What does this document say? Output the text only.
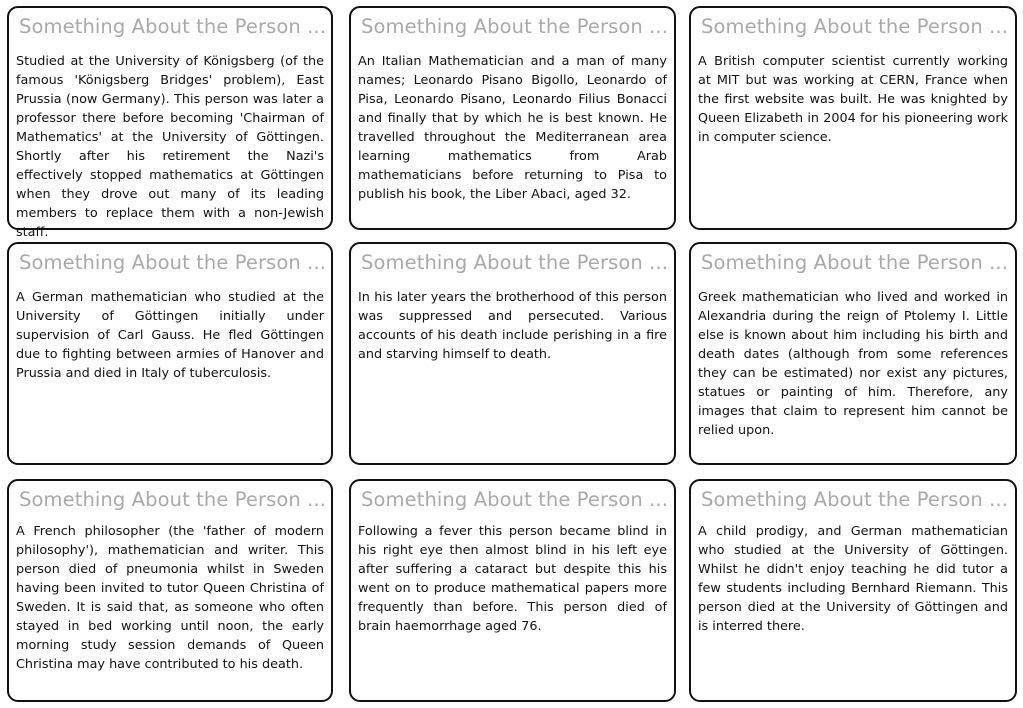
Something About the Person ...
Studied at the University of Königsberg (of the famous 'Königsberg Bridges' problem), East Prussia (now Germany). This person was later a professor there before becoming 'Chairman of Mathematics' at the University of Göttingen. Shortly after his retirement the Nazi's effectively stopped mathematics at Göttingen when they drove out many of its leading members to replace them with a non-Jewish staff.
Something About the Person ...
An Italian Mathematician and a man of many names; Leonardo Pisano Bigollo, Leonardo of Pisa, Leonardo Pisano, Leonardo Filius Bonacci and finally that by which he is best known. He travelled throughout the Mediterranean area learning mathematics from Arab mathematicians before returning to Pisa to publish his book, the Liber Abaci, aged 32.
Something About the Person ...
A British computer scientist currently working at MIT but was working at CERN, France when the first website was built. He was knighted by Queen Elizabeth in 2004 for his pioneering work in computer science.
Something About the Person ...
A German mathematician who studied at the University of Göttingen initially under supervision of Carl Gauss. He fled Göttingen due to fighting between armies of Hanover and Prussia and died in Italy of tuberculosis.
Something About the Person ...
In his later years the brotherhood of this person was suppressed and persecuted. Various accounts of his death include perishing in a fire and starving himself to death.
Something About the Person ...
Greek mathematician who lived and worked in Alexandria during the reign of Ptolemy I. Little else is known about him including his birth and death dates (although from some references they can be estimated) nor exist any pictures, statues or painting of him. Therefore, any images that claim to represent him cannot be relied upon.
Something About the Person ...
A French philosopher (the 'father of modern philosophy'), mathematician and writer. This person died of pneumonia whilst in Sweden having been invited to tutor Queen Christina of Sweden. It is said that, as someone who often stayed in bed working until noon, the early morning study session demands of Queen Christina may have contributed to his death.
Something About the Person ...
Following a fever this person became blind in his right eye then almost blind in his left eye after suffering a cataract but despite this his went on to produce mathematical papers more frequently than before. This person died of brain haemorrhage aged 76.
Something About the Person ...
A child prodigy, and German mathematician who studied at the University of Göttingen. Whilst he didn't enjoy teaching he did tutor a few students including Bernhard Riemann. This person died at the University of Göttingen and is interred there.
